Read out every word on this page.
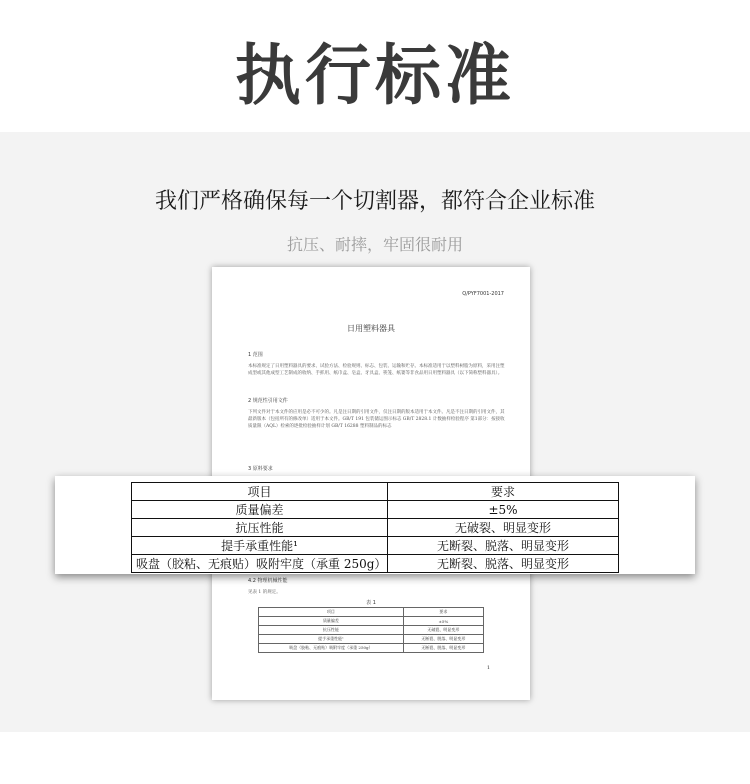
执行标准
我们严格确保每一个切割器，都符合企业标准
抗压、耐摔，牢固很耐用
Q/PYF7001-2017
日用塑料器具
1 范围
本标准规定了日用塑料器具的要求、试验方法、检验规则、标志、包装、运输和贮存。本标准适用于以塑料树脂为原料，采用注塑成型或其他成型工艺制成的收纳、手抓用、纸巾盒、皂盒、牙具盒、筷笼、纸篓等非食品用日用塑料器具（以下简称塑料器具）。
2 规范性引用文件
下列文件对于本文件的应用是必不可少的。凡是注日期的引用文件，仅注日期的版本适用于本文件。凡是不注日期的引用文件，其最新版本（包括所有的修改单）适用于本文件。GB/T 191 包装储运图示标志 GB/T 2828.1 计数抽样检验程序 第1部分：按接收质量限（AQL）检索的逐批检验抽样计划 GB/T 16288 塑料制品的标志
3 原料要求
4.2 物理机械性能
见表 1 的规定。
表 1
项目	要求
质量偏差	±5%
抗压性能	无破裂、明显变形
提手承重性能¹	无断裂、脱落、明显变形
吸盘（胶粘、无痕贴）吸附牢度（承重 250g）	无断裂、脱落、明显变形
1
项目	要求
质量偏差	±5%
抗压性能	无破裂、明显变形
提手承重性能¹	无断裂、脱落、明显变形
吸盘（胶粘、无痕贴）吸附牢度（承重 250g）	无断裂、脱落、明显变形
